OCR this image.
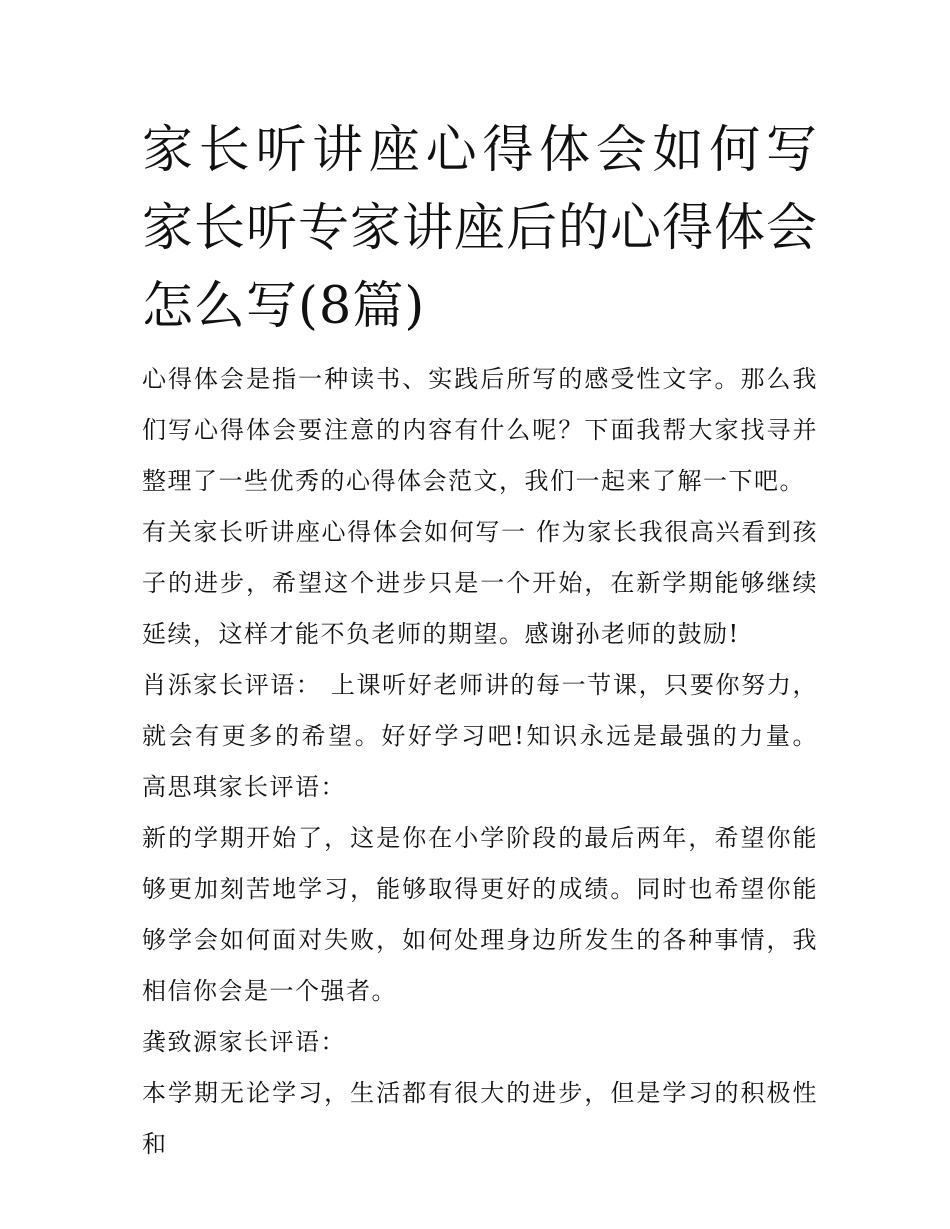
家长听讲座心得体会如何写 家长听专家讲座后的心得体会怎么写(8篇)

心得体会是指一种读书、实践后所写的感受性文字。那么我们写心得体会要注意的内容有什么呢？下面我帮大家找寻并整理了一些优秀的心得体会范文，我们一起来了解一下吧。

有关家长听讲座心得体会如何写一 作为家长我很高兴看到孩子的进步，希望这个进步只是一个开始，在新学期能够继续延续，这样才能不负老师的期望。感谢孙老师的鼓励!

肖泺家长评语： 上课听好老师讲的每一节课，只要你努力，就会有更多的希望。好好学习吧!知识永远是最强的力量。 高思琪家长评语：

新的学期开始了，这是你在小学阶段的最后两年，希望你能够更加刻苦地学习，能够取得更好的成绩。同时也希望你能够学会如何面对失败，如何处理身边所发生的各种事情，我相信你会是一个强者。

龚致源家长评语：

本学期无论学习，生活都有很大的进步，但是学习的积极性和
